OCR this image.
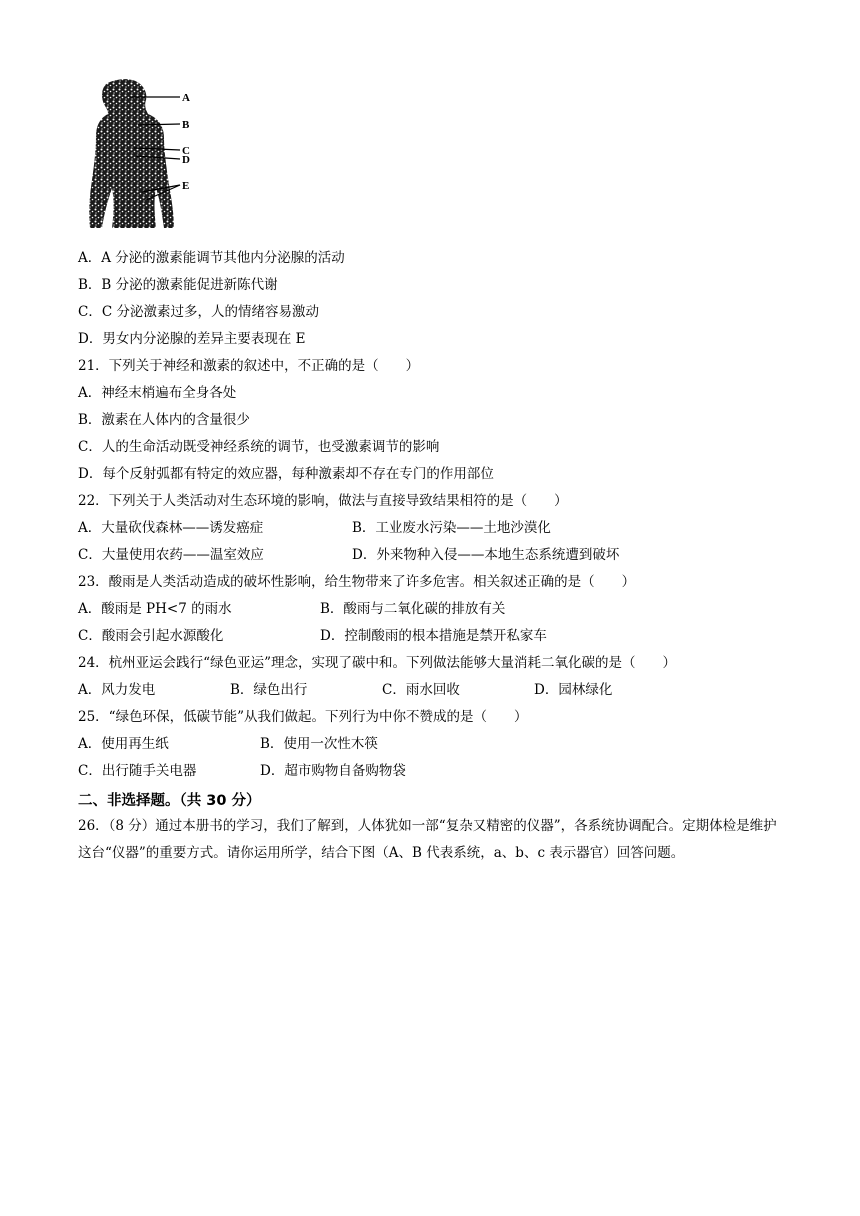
A
B
C
D
E
A．A 分泌的激素能调节其他内分泌腺的活动
B．B 分泌的激素能促进新陈代谢
C．C 分泌激素过多，人的情绪容易激动
D．男女内分泌腺的差异主要表现在 E
21．下列关于神经和激素的叙述中，不正确的是（　　）
A．神经末梢遍布全身各处
B．激素在人体内的含量很少
C．人的生命活动既受神经系统的调节，也受激素调节的影响
D．每个反射弧都有特定的效应器，每种激素却不存在专门的作用部位
22．下列关于人类活动对生态环境的影响，做法与直接导致结果相符的是（　　）
A．大量砍伐森林——诱发癌症	B．工业废水污染——土地沙漠化
C．大量使用农药——温室效应	D．外来物种入侵——本地生态系统遭到破坏
23．酸雨是人类活动造成的破坏性影响，给生物带来了许多危害。相关叙述正确的是（　　）
A．酸雨是 PH<7 的雨水	B．酸雨与二氧化碳的排放有关
C．酸雨会引起水源酸化	D．控制酸雨的根本措施是禁开私家车
24．杭州亚运会践行“绿色亚运”理念，实现了碳中和。下列做法能够大量消耗二氧化碳的是（　　）
A．风力发电	B．绿色出行	C．雨水回收	D．园林绿化
25．“绿色环保，低碳节能”从我们做起。下列行为中你不赞成的是（　　）
A．使用再生纸	B．使用一次性木筷
C．出行随手关电器	D．超市购物自备购物袋
二、非选择题。（共 30 分）
26．（8 分）通过本册书的学习，我们了解到，人体犹如一部“复杂又精密的仪器”，各系统协调配合。定期体检是维护这台“仪器”的重要方式。请你运用所学，结合下图（A、B 代表系统，a、b、c 表示器官）回答问题。
